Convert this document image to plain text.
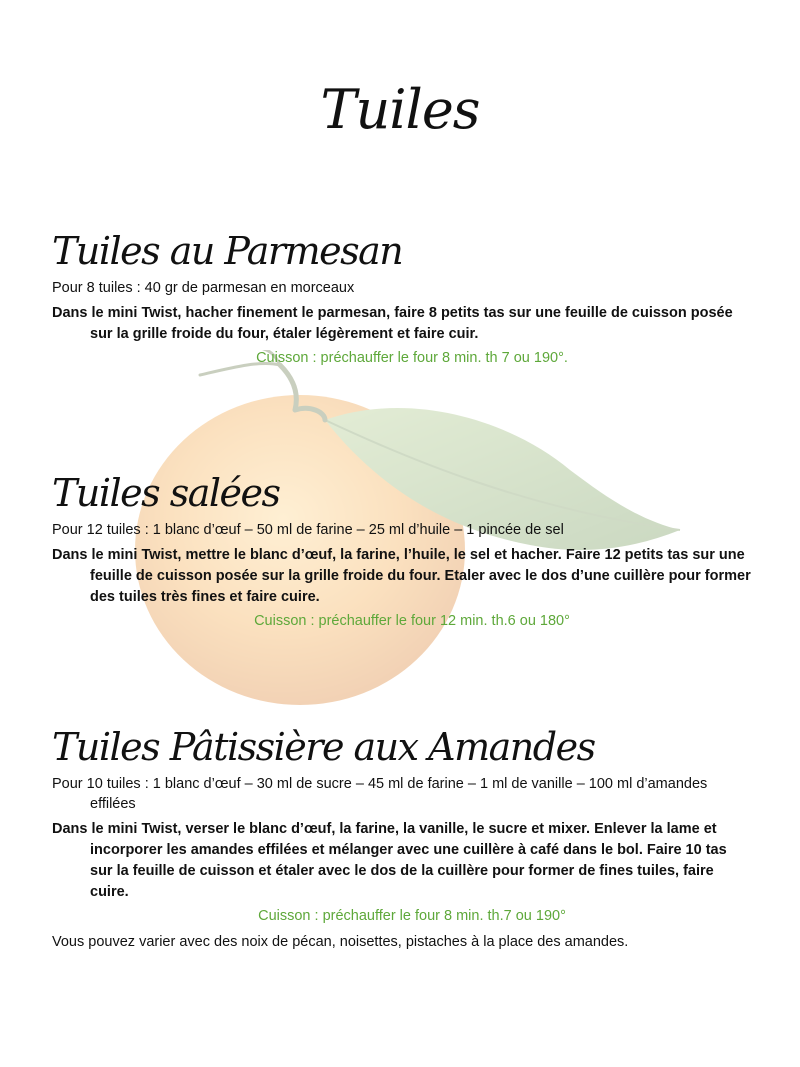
Tuiles
Tuiles au Parmesan

Pour 8 tuiles : 40 gr de parmesan en morceaux

Dans le mini Twist, hacher finement le parmesan, faire 8 petits tas sur une feuille de cuisson posée sur la grille froide du four, étaler légèrement et faire cuir.

Cuisson : préchauffer le four 8 min. th 7 ou 190°.

Tuiles salées

Pour 12 tuiles : 1 blanc d’œuf – 50 ml de farine – 25 ml d’huile – 1 pincée de sel

Dans le mini Twist, mettre le blanc d’œuf, la farine, l’huile, le sel et hacher. Faire 12 petits tas sur une feuille de cuisson posée sur la grille froide du four. Etaler avec le dos d’une cuillère pour former des tuiles très fines et faire cuire.

Cuisson : préchauffer le four 12 min. th.6 ou 180°

Tuiles Pâtissière aux Amandes

Pour 10 tuiles : 1 blanc d’œuf – 30 ml de sucre – 45 ml de farine – 1 ml de vanille – 100 ml d’amandes effilées

Dans le mini Twist, verser le blanc d’œuf, la farine, la vanille, le sucre et mixer. Enlever la lame et incorporer les amandes effilées et mélanger avec une cuillère à café dans le bol. Faire 10 tas sur la feuille de cuisson et étaler avec le dos de la cuillère pour former de fines tuiles, faire cuire.

Cuisson : préchauffer le four 8 min. th.7 ou 190°

Vous pouvez varier avec des noix de pécan, noisettes, pistaches à la place des amandes.
